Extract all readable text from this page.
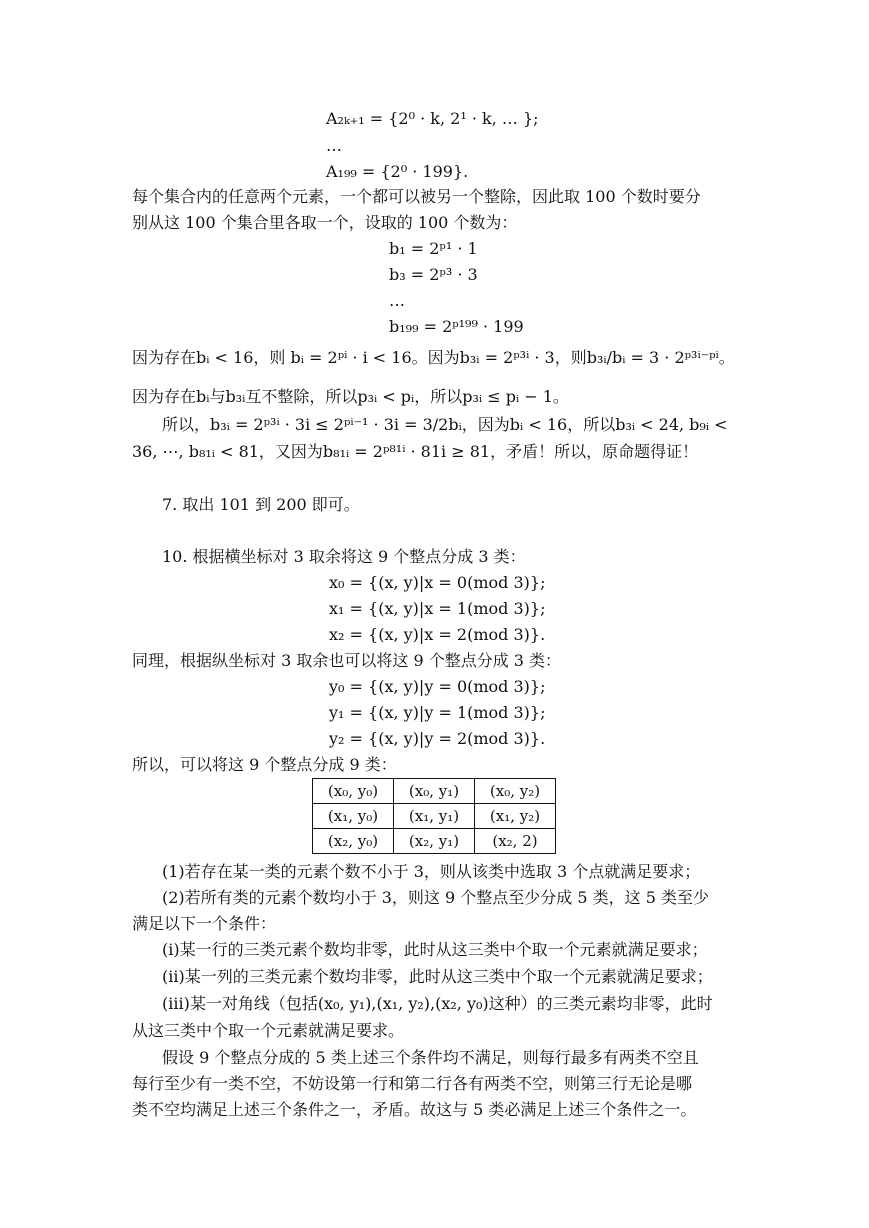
A₂ₖ₊₁ = {2⁰ · k, 2¹ · k, … };
…
A₁₉₉ = {2⁰ · 199}.
每个集合内的任意两个元素，一个都可以被另一个整除，因此取 100 个数时要分
别从这 100 个集合里各取一个，设取的 100 个数为：
b₁ = 2ᵖ¹ · 1
b₃ = 2ᵖ³ · 3
…
b₁₉₉ = 2ᵖ¹⁹⁹ · 199
因为存在bᵢ < 16，则 bᵢ = 2ᵖⁱ · i < 16。因为b₃ᵢ = 2ᵖ³ⁱ · 3，则b₃ᵢ/bᵢ = 3 · 2ᵖ³ⁱ⁻ᵖⁱ。
因为存在bᵢ与b₃ᵢ互不整除，所以p₃ᵢ < pᵢ，所以p₃ᵢ ≤ pᵢ − 1。
所以，b₃ᵢ = 2ᵖ³ⁱ · 3i ≤ 2ᵖⁱ⁻¹ · 3i = 3/2bᵢ，因为bᵢ < 16，所以b₃ᵢ < 24, b₉ᵢ <
36, ⋯, b₈₁ᵢ < 81，又因为b₈₁ᵢ = 2ᵖ⁸¹ⁱ · 81i ≥ 81，矛盾！所以，原命题得证！
7. 取出 101 到 200 即可。
10. 根据横坐标对 3 取余将这 9 个整点分成 3 类：
x₀ = {(x, y)|x = 0(mod 3)};
x₁ = {(x, y)|x = 1(mod 3)};
x₂ = {(x, y)|x = 2(mod 3)}.
同理，根据纵坐标对 3 取余也可以将这 9 个整点分成 3 类：
y₀ = {(x, y)|y = 0(mod 3)};
y₁ = {(x, y)|y = 1(mod 3)};
y₂ = {(x, y)|y = 2(mod 3)}.
所以，可以将这 9 个整点分成 9 类：
(x₀, y₀)	(x₀, y₁)	(x₀, y₂)
(x₁, y₀)	(x₁, y₁)	(x₁, y₂)
(x₂, y₀)	(x₂, y₁)	(x₂, 2)
(1)若存在某一类的元素个数不小于 3，则从该类中选取 3 个点就满足要求；
(2)若所有类的元素个数均小于 3，则这 9 个整点至少分成 5 类，这 5 类至少
满足以下一个条件：
(i)某一行的三类元素个数均非零，此时从这三类中个取一个元素就满足要求；
(ii)某一列的三类元素个数均非零，此时从这三类中个取一个元素就满足要求；
(iii)某一对角线（包括(x₀, y₁),(x₁, y₂),(x₂, y₀)这种）的三类元素均非零，此时
从这三类中个取一个元素就满足要求。
假设 9 个整点分成的 5 类上述三个条件均不满足，则每行最多有两类不空且
每行至少有一类不空，不妨设第一行和第二行各有两类不空，则第三行无论是哪
类不空均满足上述三个条件之一，矛盾。故这与 5 类必满足上述三个条件之一。
